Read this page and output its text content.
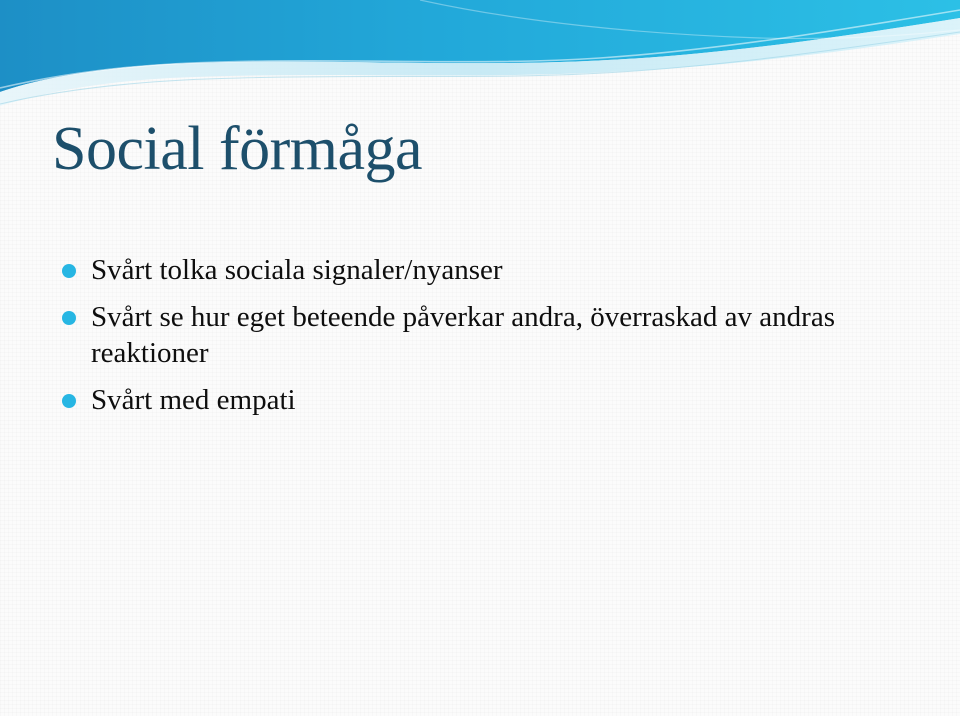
Social förmåga
Svårt tolka sociala signaler/nyanser
Svårt se hur eget beteende påverkar andra, överraskad av andras reaktioner
Svårt med empati
